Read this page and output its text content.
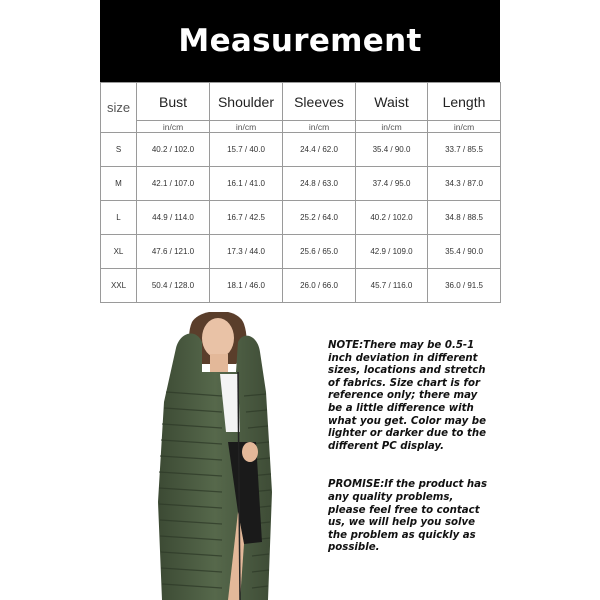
Measurement
size	Bust	Shoulder	Sleeves	Waist	Length
	in/cm	in/cm	in/cm	in/cm	in/cm
S	40.2 / 102.0	15.7 / 40.0	24.4 / 62.0	35.4 / 90.0	33.7 / 85.5
M	42.1 / 107.0	16.1 / 41.0	24.8 / 63.0	37.4 / 95.0	34.3 / 87.0
L	44.9 / 114.0	16.7 / 42.5	25.2 / 64.0	40.2 / 102.0	34.8 / 88.5
XL	47.6 / 121.0	17.3 / 44.0	25.6 / 65.0	42.9 / 109.0	35.4 / 90.0
XXL	50.4 / 128.0	18.1 / 46.0	26.0 / 66.0	45.7 / 116.0	36.0 / 91.5

NOTE:There may be 0.5-1 inch deviation in different sizes, locations and stretch of fabrics. Size chart is for reference only; there may be a little difference with what you get. Color may be lighter or darker due to the different PC display.

PROMISE:If the product has any quality problems, please feel free to contact us, we will help you solve the problem as quickly as possible.
